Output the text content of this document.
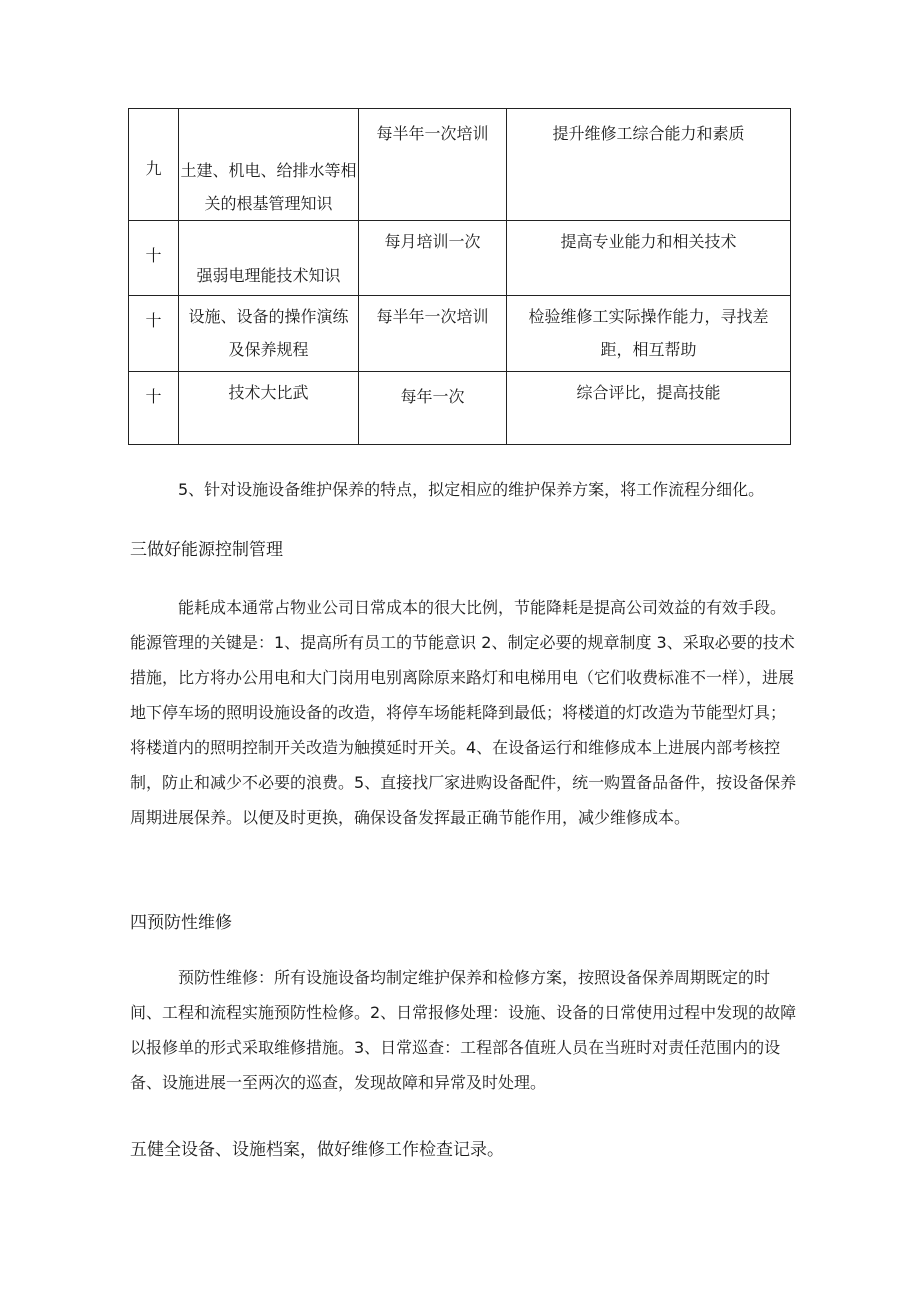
九	土建、机电、给排水等相关的根基管理知识	每半年一次培训	提升维修工综合能力和素质

十	强弱电理能技术知识	每月培训一次	提高专业能力和相关技术

十	设施、设备的操作演练及保养规程	每半年一次培训	检验维修工实际操作能力，寻找差距，相互帮助

十	技术大比武	每年一次	综合评比，提高技能
5、针对设施设备维护保养的特点，拟定相应的维护保养方案，将工作流程分细化。
三做好能源控制管理
能耗成本通常占物业公司日常成本的很大比例，节能降耗是提高公司效益的有效手段。能源管理的关键是：1、提高所有员工的节能意识 2、制定必要的规章制度 3、采取必要的技术措施，比方将办公用电和大门岗用电别离除原来路灯和电梯用电（它们收费标准不一样），进展地下停车场的照明设施设备的改造，将停车场能耗降到最低；将楼道的灯改造为节能型灯具；将楼道内的照明控制开关改造为触摸延时开关。4、在设备运行和维修成本上进展内部考核控制，防止和减少不必要的浪费。5、直接找厂家进购设备配件，统一购置备品备件，按设备保养周期进展保养。以便及时更换，确保设备发挥最正确节能作用，减少维修成本。
四预防性维修
预防性维修：所有设施设备均制定维护保养和检修方案，按照设备保养周期既定的时间、工程和流程实施预防性检修。2、日常报修处理：设施、设备的日常使用过程中发现的故障以报修单的形式采取维修措施。3、日常巡查：工程部各值班人员在当班时对责任范围内的设备、设施进展一至两次的巡查，发现故障和异常及时处理。
五健全设备、设施档案，做好维修工作检查记录。
